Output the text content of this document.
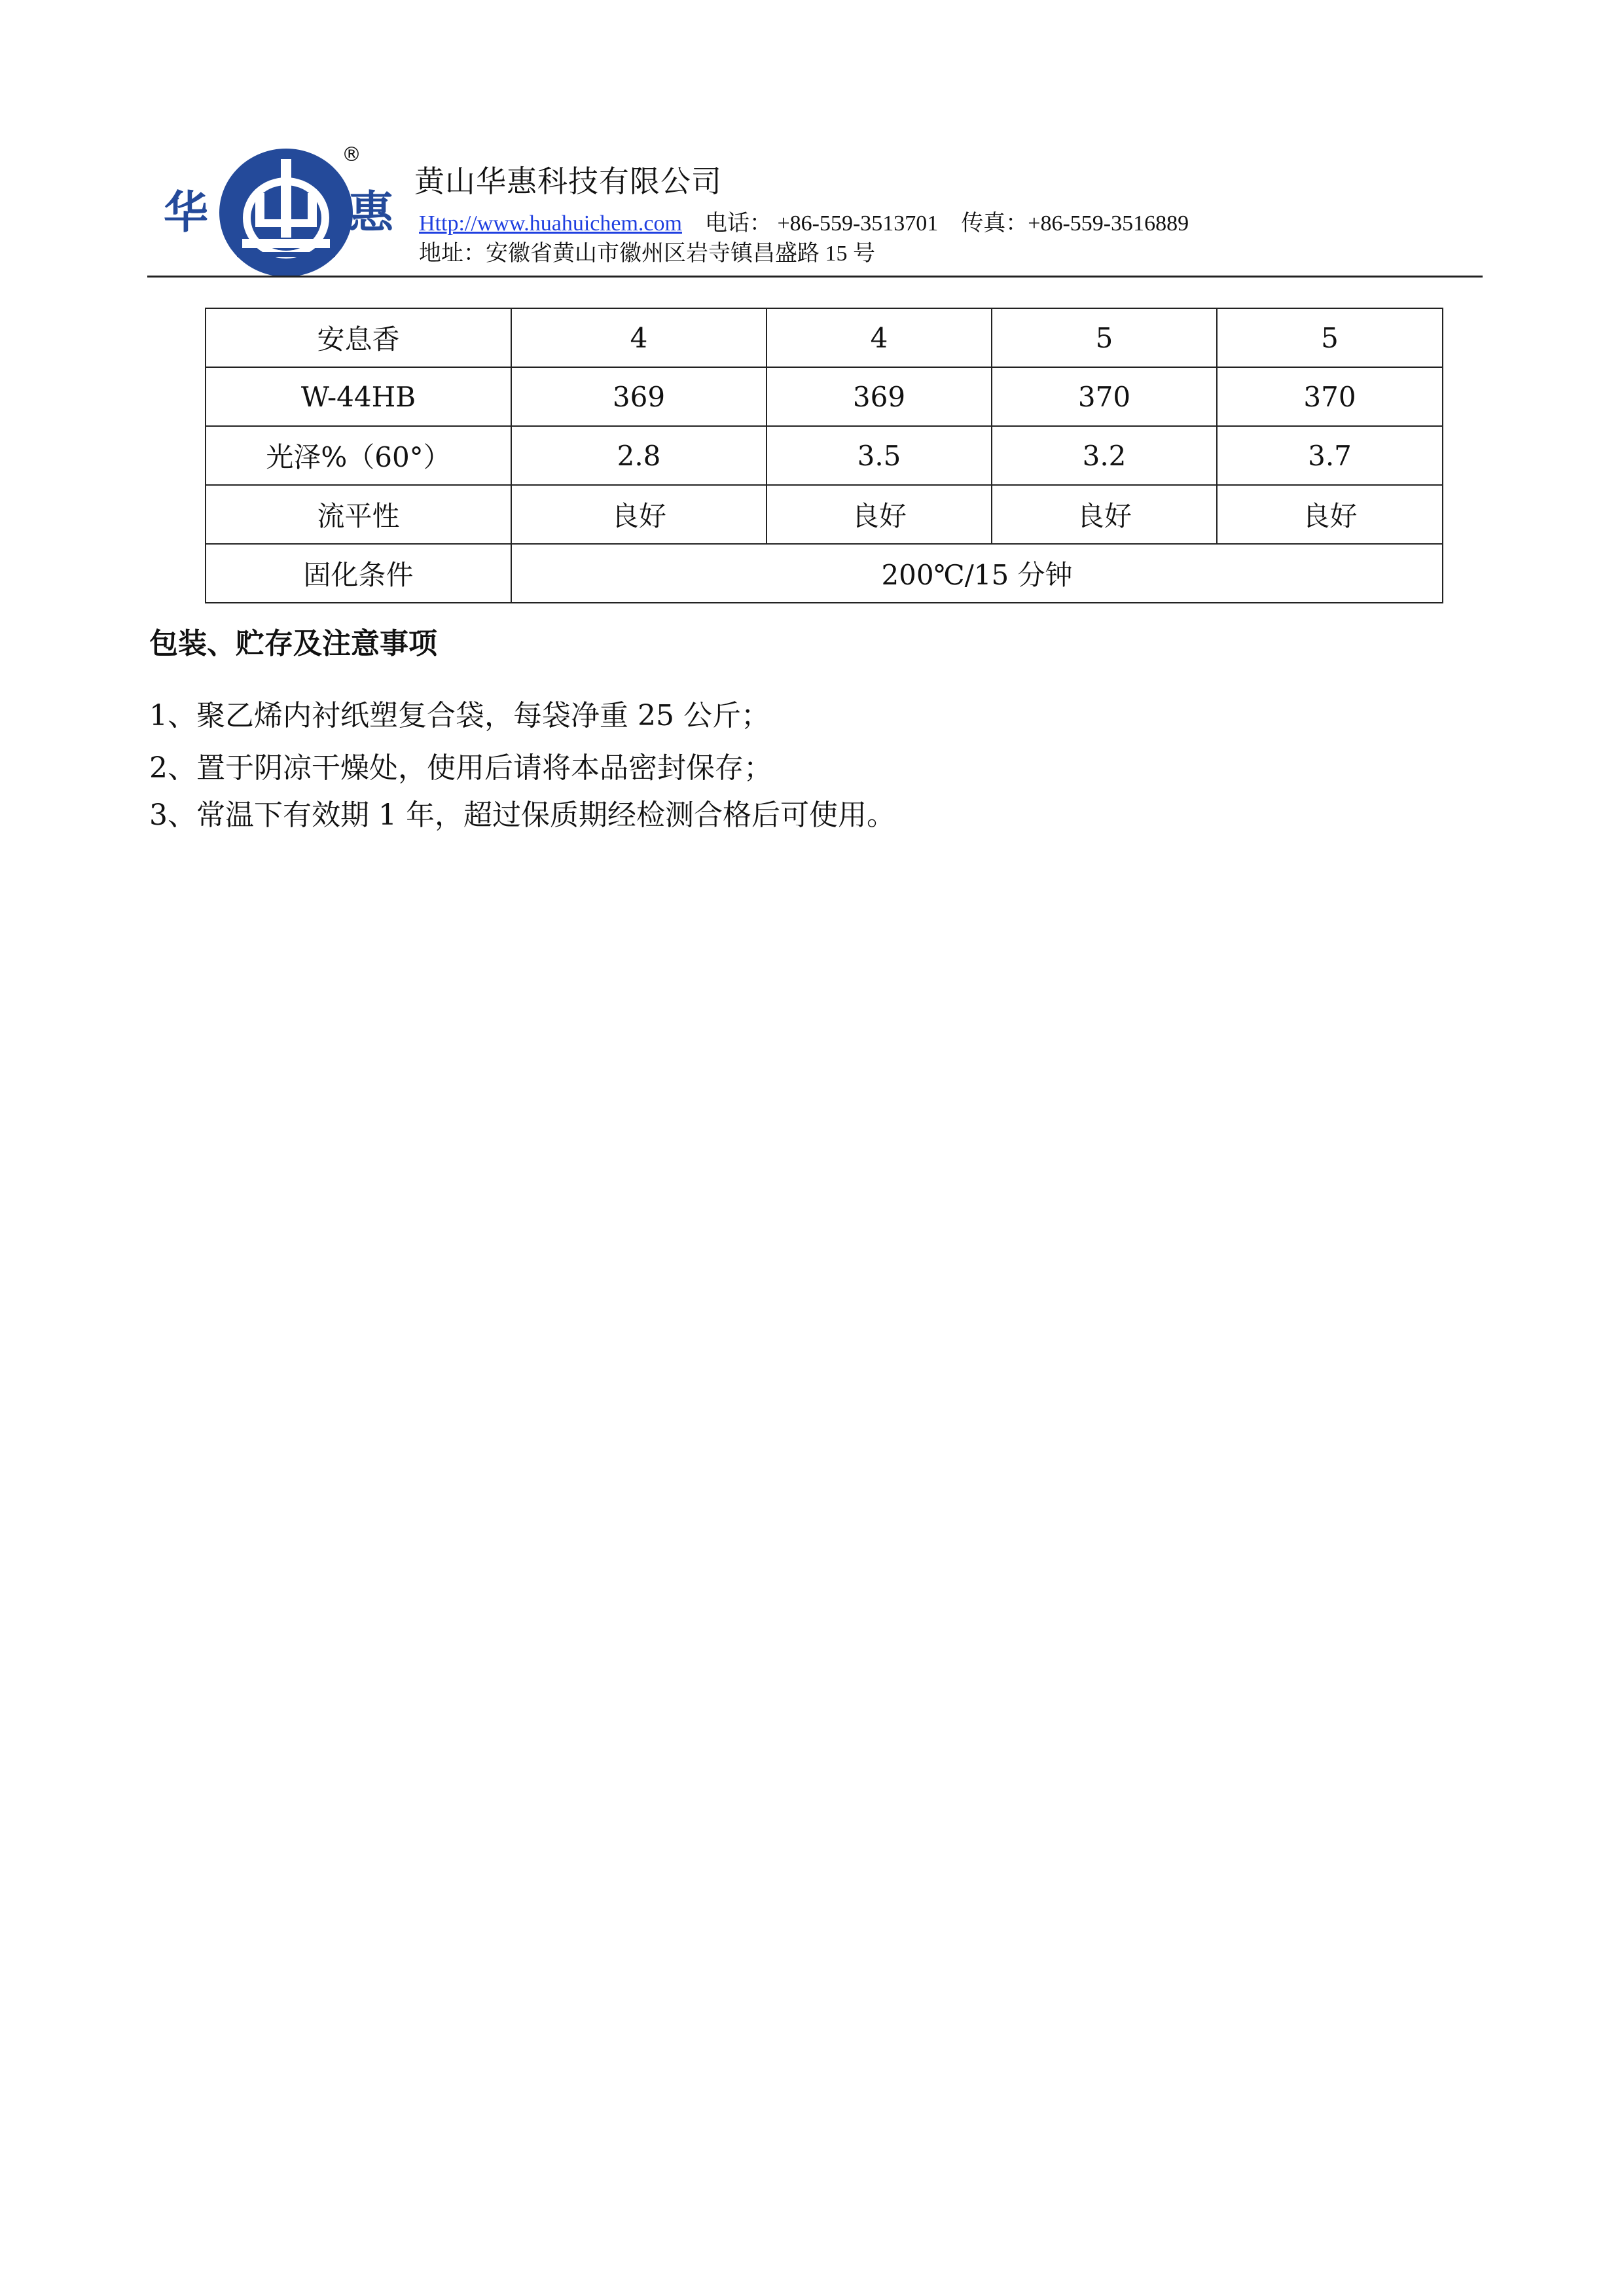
华
®
惠
黄山华惠科技有限公司
Http://www.huahuichem.com 电话： +86-559-3513701 传真：+86-559-3516889
地址：安徽省黄山市徽州区岩寺镇昌盛路 15 号
安息香	4	4	5	5
W-44HB	369	369	370	370
光泽%（60°）	2.8	3.5	3.2	3.7
流平性	良好	良好	良好	良好
固化条件	200℃/15 分钟			
包装、贮存及注意事项
1、聚乙烯内衬纸塑复合袋，每袋净重 25 公斤；
2、置于阴凉干燥处，使用后请将本品密封保存；
3、常温下有效期 1 年，超过保质期经检测合格后可使用。
